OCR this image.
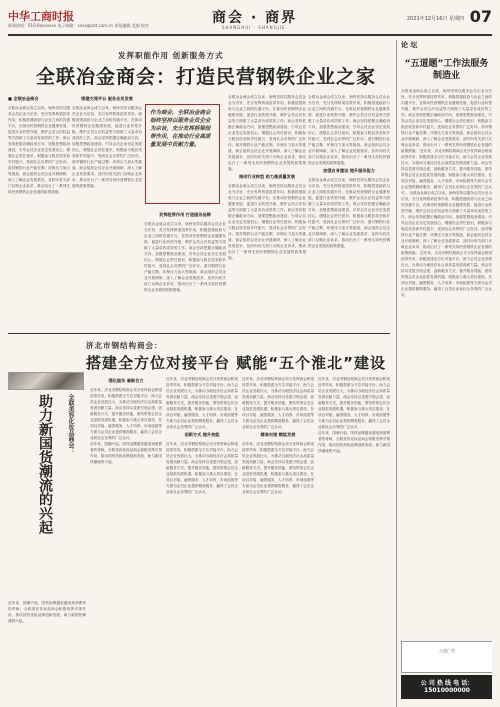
中华工商时报
新闻热线：010-8xxxxxxx 电子邮箱：xxxx@cbt.com.cn 本版编辑 美编 校对	商会 · 商界
SHANGHUI · SHANGJIE
2021年12月16日 星期四 07
发挥职能作用 创新服务方式
全联冶金商会：打造民营钢铁企业之家
■ 全联冶金商会
全联冶金商会成立以来，始终坚持以服务会员企业为宗旨，充分发挥桥梁纽带作用，积极搭建政府与企业之间的沟通平台，在推动民营钢铁企业健康发展、促进行业转型升级、维护会员合法权益等方面做了大量卓有成效的工作。商会坚持把握正确政治方向，加强思想政治建设，引导会员企业坚定发展信心，增强社会责任意识，积极参与脱贫攻坚和乡村振兴，受到社会各界的广泛好评。面对钢铁行业产能过剩、环保压力加大等挑战，商会组织会员企业开展调研，深入了解企业发展需求，及时向有关部门反映企业诉求，推动出台了一系列支持民营钢铁企业发展的政策措施。
搭建交流平台 服务会员发展
全联冶金商会成立以来，始终坚持以服务会员企业为宗旨，充分发挥桥梁纽带作用，积极搭建政府与企业之间的沟通平台，在推动民营钢铁企业健康发展、促进行业转型升级、维护会员合法权益等方面做了大量卓有成效的工作。商会坚持把握正确政治方向，加强思想政治建设，引导会员企业坚定发展信心，增强社会责任意识，积极参与脱贫攻坚和乡村振兴，受到社会各界的广泛好评。面对钢铁行业产能过剩、环保压力加大等挑战，商会组织会员企业开展调研，深入了解企业发展需求，及时向有关部门反映企业诉求，推动出台了一系列支持民营钢铁企业发展的政策措施。
发挥纽带作用 打造服务品牌
全联冶金商会成立以来，始终坚持以服务会员企业为宗旨，充分发挥桥梁纽带作用，积极搭建政府与企业之间的沟通平台，在推动民营钢铁企业健康发展、促进行业转型升级、维护会员合法权益等方面做了大量卓有成效的工作。商会坚持把握正确政治方向，加强思想政治建设，引导会员企业坚定发展信心，增强社会责任意识，积极参与脱贫攻坚和乡村振兴，受到社会各界的广泛好评。面对钢铁行业产能过剩、环保压力加大等挑战，商会组织会员企业开展调研，深入了解企业发展需求，及时向有关部门反映企业诉求，推动出台了一系列支持民营钢铁企业发展的政策措施。
全联冶金商会成立以来，始终坚持以服务会员企业为宗旨，充分发挥桥梁纽带作用，积极搭建政府与企业之间的沟通平台，在推动民营钢铁企业健康发展、促进行业转型升级、维护会员合法权益等方面做了大量卓有成效的工作。商会坚持把握正确政治方向，加强思想政治建设，引导会员企业坚定发展信心，增强社会责任意识，积极参与脱贫攻坚和乡村振兴，受到社会各界的广泛好评。面对钢铁行业产能过剩、环保压力加大等挑战，商会组织会员企业开展调研，深入了解企业发展需求，及时向有关部门反映企业诉求，推动出台了一系列支持民营钢铁企业发展的政策措施。
推动行业转型 助力高质量发展
全联冶金商会成立以来，始终坚持以服务会员企业为宗旨，充分发挥桥梁纽带作用，积极搭建政府与企业之间的沟通平台，在推动民营钢铁企业健康发展、促进行业转型升级、维护会员合法权益等方面做了大量卓有成效的工作。商会坚持把握正确政治方向，加强思想政治建设，引导会员企业坚定发展信心，增强社会责任意识，积极参与脱贫攻坚和乡村振兴，受到社会各界的广泛好评。面对钢铁行业产能过剩、环保压力加大等挑战，商会组织会员企业开展调研，深入了解企业发展需求，及时向有关部门反映企业诉求，推动出台了一系列支持民营钢铁企业发展的政策措施。
全联冶金商会成立以来，始终坚持以服务会员企业为宗旨，充分发挥桥梁纽带作用，积极搭建政府与企业之间的沟通平台，在推动民营钢铁企业健康发展、促进行业转型升级、维护会员合法权益等方面做了大量卓有成效的工作。商会坚持把握正确政治方向，加强思想政治建设，引导会员企业坚定发展信心，增强社会责任意识，积极参与脱贫攻坚和乡村振兴，受到社会各界的广泛好评。面对钢铁行业产能过剩、环保压力加大等挑战，商会组织会员企业开展调研，深入了解企业发展需求，及时向有关部门反映企业诉求，推动出台了一系列支持民营钢铁企业发展的政策措施。
加强自身建设 提升服务能力
全联冶金商会成立以来，始终坚持以服务会员企业为宗旨，充分发挥桥梁纽带作用，积极搭建政府与企业之间的沟通平台，在推动民营钢铁企业健康发展、促进行业转型升级、维护会员合法权益等方面做了大量卓有成效的工作。商会坚持把握正确政治方向，加强思想政治建设，引导会员企业坚定发展信心，增强社会责任意识，积极参与脱贫攻坚和乡村振兴，受到社会各界的广泛好评。面对钢铁行业产能过剩、环保压力加大等挑战，商会组织会员企业开展调研，深入了解企业发展需求，及时向有关部门反映企业诉求，推动出台了一系列支持民营钢铁企业发展的政策措施。
作为商会，全联冶金商会始终坚持以服务会员企业为宗旨，充分发挥桥梁纽带作用，在推动行业高质量发展中贡献力量。
论 坛
“五道题”工作法服务制造业
全联冶金商会成立以来，始终坚持以服务会员企业为宗旨，充分发挥桥梁纽带作用，积极搭建政府与企业之间的沟通平台，在推动民营钢铁企业健康发展、促进行业转型升级、维护会员合法权益等方面做了大量卓有成效的工作。商会坚持把握正确政治方向，加强思想政治建设，引导会员企业坚定发展信心，增强社会责任意识，积极参与脱贫攻坚和乡村振兴，受到社会各界的广泛好评。面对钢铁行业产能过剩、环保压力加大等挑战，商会组织会员企业开展调研，深入了解企业发展需求，及时向有关部门反映企业诉求，推动出台了一系列支持民营钢铁企业发展的政策措施。 近年来，济北市钢结构商会充分发挥商会桥梁纽带作用，积极搭建全方位对接平台，助力会员企业发展壮大，为推动当地经济社会高质量发展贡献力量。商会坚持以党建引领会建，创新服务方式，提升服务效能，团结带领会员企业抢抓发展机遇，积极参与重大项目建设，在项目对接、融资服务、人才培养、市场拓展等方面为会员企业提供精准服务，赢得了会员企业和社会各界的广泛认可。 全联冶金商会成立以来，始终坚持以服务会员企业为宗旨，充分发挥桥梁纽带作用，积极搭建政府与企业之间的沟通平台，在推动民营钢铁企业健康发展、促进行业转型升级、维护会员合法权益等方面做了大量卓有成效的工作。商会坚持把握正确政治方向，加强思想政治建设，引导会员企业坚定发展信心，增强社会责任意识，积极参与脱贫攻坚和乡村振兴，受到社会各界的广泛好评。面对钢铁行业产能过剩、环保压力加大等挑战，商会组织会员企业开展调研，深入了解企业发展需求，及时向有关部门反映企业诉求，推动出台了一系列支持民营钢铁企业发展的政策措施。 近年来，济北市钢结构商会充分发挥商会桥梁纽带作用，积极搭建全方位对接平台，助力会员企业发展壮大，为推动当地经济社会高质量发展贡献力量。商会坚持以党建引领会建，创新服务方式，提升服务效能，团结带领会员企业抢抓发展机遇，积极参与重大项目建设，在项目对接、融资服务、人才培养、市场拓展等方面为会员企业提供精准服务，赢得了会员企业和社会各界的广泛认可。
公益广告
公 司 热 线 电 话：15010000000
济北市钢结构商会：
搭建全方位对接平台 赋能“五个淮北”建设
助力新国货潮流的兴起	全联美容化妆品商会：
近年来，国潮兴起，国货品牌越来越受到消费者的青睐，全联美容化妆品商会积极发挥引领作用，推动国货美妆品牌创新发展，助力新国货潮流的兴起。
强化服务 凝聚合力
近年来，济北市钢结构商会充分发挥商会桥梁纽带作用，积极搭建全方位对接平台，助力会员企业发展壮大，为推动当地经济社会高质量发展贡献力量。商会坚持以党建引领会建，创新服务方式，提升服务效能，团结带领会员企业抢抓发展机遇，积极参与重大项目建设，在项目对接、融资服务、人才培养、市场拓展等方面为会员企业提供精准服务，赢得了会员企业和社会各界的广泛认可。
近年来，国潮兴起，国货品牌越来越受到消费者的青睐，全联美容化妆品商会积极发挥引领作用，推动国货美妆品牌创新发展，助力新国货潮流的兴起。
近年来，济北市钢结构商会充分发挥商会桥梁纽带作用，积极搭建全方位对接平台，助力会员企业发展壮大，为推动当地经济社会高质量发展贡献力量。商会坚持以党建引领会建，创新服务方式，提升服务效能，团结带领会员企业抢抓发展机遇，积极参与重大项目建设，在项目对接、融资服务、人才培养、市场拓展等方面为会员企业提供精准服务，赢得了会员企业和社会各界的广泛认可。
创新方式 提升效能
近年来，济北市钢结构商会充分发挥商会桥梁纽带作用，积极搭建全方位对接平台，助力会员企业发展壮大，为推动当地经济社会高质量发展贡献力量。商会坚持以党建引领会建，创新服务方式，提升服务效能，团结带领会员企业抢抓发展机遇，积极参与重大项目建设，在项目对接、融资服务、人才培养、市场拓展等方面为会员企业提供精准服务，赢得了会员企业和社会各界的广泛认可。
近年来，济北市钢结构商会充分发挥商会桥梁纽带作用，积极搭建全方位对接平台，助力会员企业发展壮大，为推动当地经济社会高质量发展贡献力量。商会坚持以党建引领会建，创新服务方式，提升服务效能，团结带领会员企业抢抓发展机遇，积极参与重大项目建设，在项目对接、融资服务、人才培养、市场拓展等方面为会员企业提供精准服务，赢得了会员企业和社会各界的广泛认可。
精准对接 赋能发展
近年来，济北市钢结构商会充分发挥商会桥梁纽带作用，积极搭建全方位对接平台，助力会员企业发展壮大，为推动当地经济社会高质量发展贡献力量。商会坚持以党建引领会建，创新服务方式，提升服务效能，团结带领会员企业抢抓发展机遇，积极参与重大项目建设，在项目对接、融资服务、人才培养、市场拓展等方面为会员企业提供精准服务，赢得了会员企业和社会各界的广泛认可。
近年来，济北市钢结构商会充分发挥商会桥梁纽带作用，积极搭建全方位对接平台，助力会员企业发展壮大，为推动当地经济社会高质量发展贡献力量。商会坚持以党建引领会建，创新服务方式，提升服务效能，团结带领会员企业抢抓发展机遇，积极参与重大项目建设，在项目对接、融资服务、人才培养、市场拓展等方面为会员企业提供精准服务，赢得了会员企业和社会各界的广泛认可。
近年来，国潮兴起，国货品牌越来越受到消费者的青睐，全联美容化妆品商会积极发挥引领作用，推动国货美妆品牌创新发展，助力新国货潮流的兴起。
